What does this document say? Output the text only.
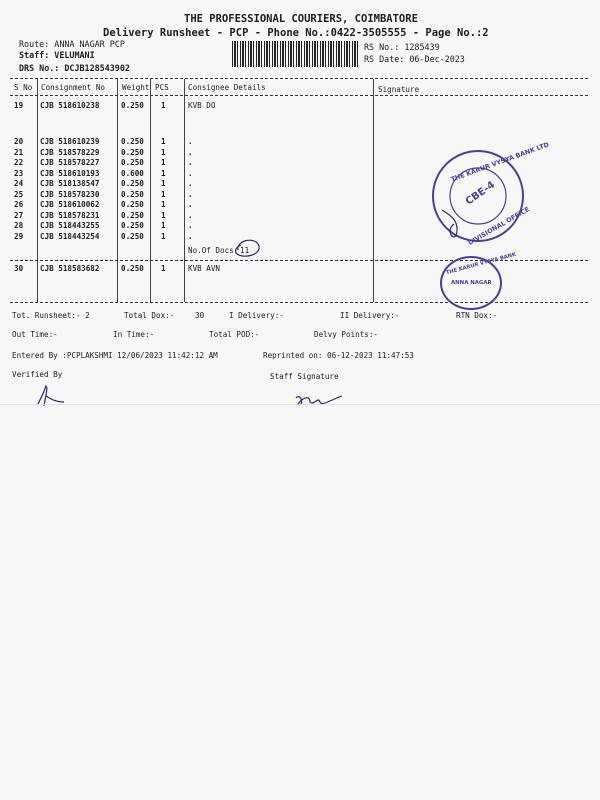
THE PROFESSIONAL COURIERS, COIMBATORE
Delivery Runsheet - PCP - Phone No.:0422-3505555 - Page No.:2
Route: ANNA NAGAR PCP
Staff: VELUMANI
DRS No.: DCJB128543902
RS No.: 1285439
RS Date: 06-Dec-2023
S No Consignment No Weight PCS	Consignee Details	Signature
19 CJB 518610238	0.250 1	KVB DO
20 CJB 518610239	0.250 1	.
21 CJB 518578229	0.250 1	.
22 CJB 518578227	0.250 1	.
23 CJB 518610193	0.600 1	.
24 CJB 518138547	0.250 1	.
25 CJB 518578230	0.250 1	.
26 CJB 518610062	0.250 1	.
27 CJB 518578231	0.250 1	.
28 CJB 518443255	0.250 1	.
29 CJB 518443254	0.250 1	.
No.Of Docs: 11
30 CJB 518583682	0.250 1	KVB AVN
THE KARUR VYSYA BANK LTD
CBE-4
DIVISIONAL OFFICE
THE KARUR VYSYA BANK
ANNA NAGAR
Tot. Runsheet:- 2	Total Dox:-	30	I Delivery:-	II Delivery:-	RTN Dox:-
Out Time:-	In Time:-	Total POD:-	Delvy Points:-
Entered By :PCPLAKSHMI 12/06/2023 11:42:12 AM	Reprinted on: 06-12-2023 11:47:53
Verified By	Staff Signature
